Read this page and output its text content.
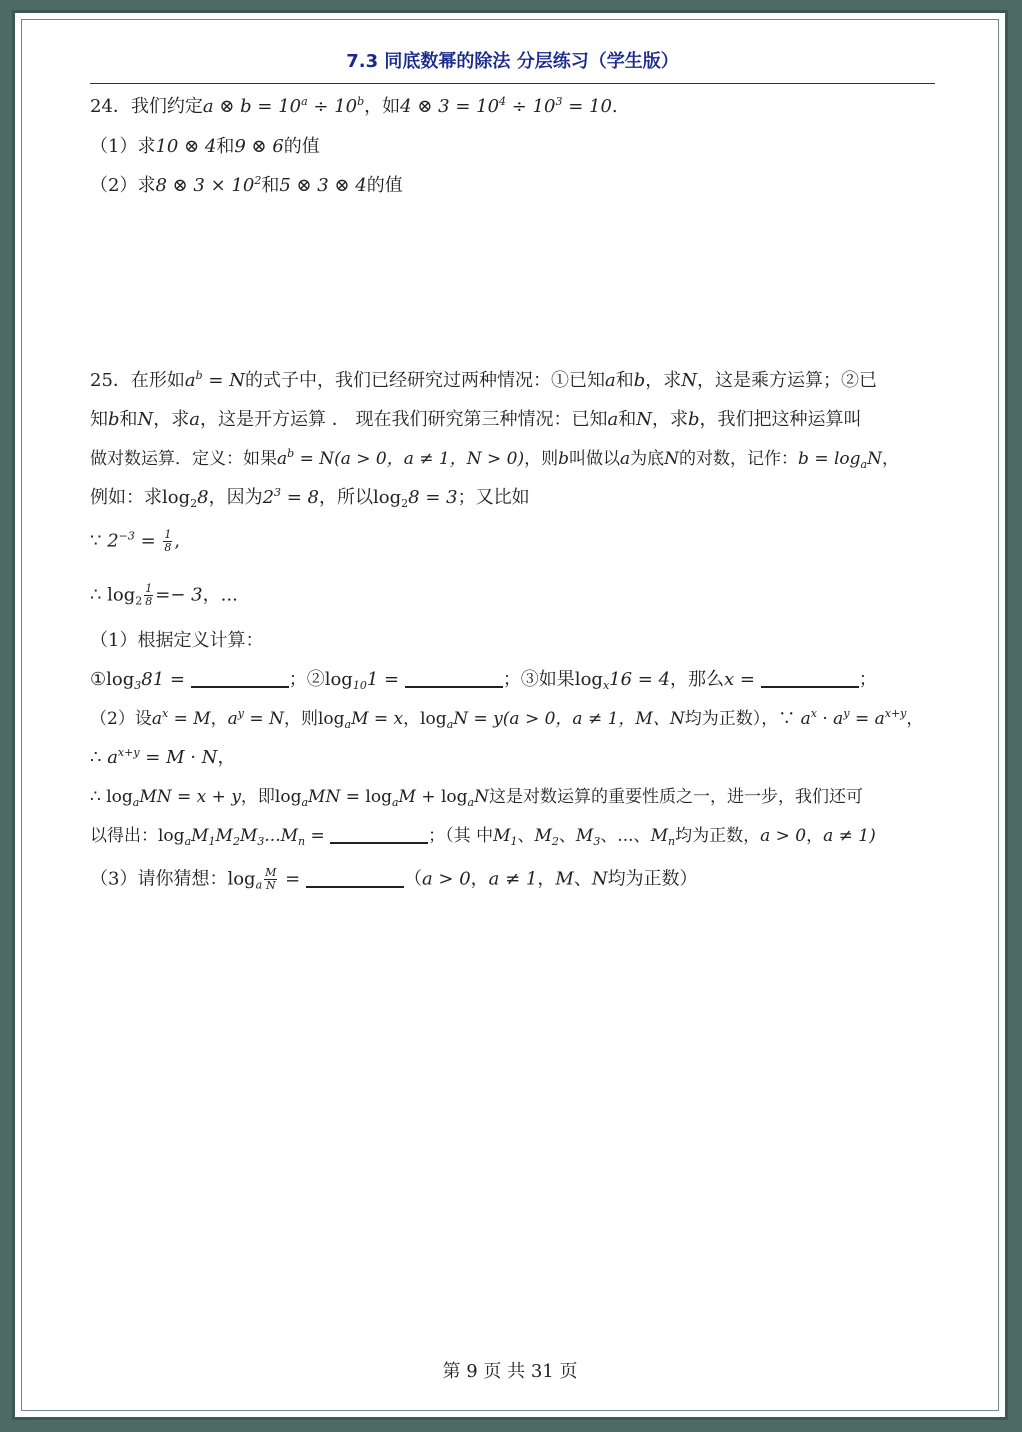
7.3 同底数幂的除法 分层练习（学生版）
24．我们约定a ⊗ $b = 10^a \div 10^b$，如4 ⊗ $3 = 10^4 \div 10^3 = 10$.
（1）求10 ⊗ 4和9 ⊗ 6的值
（2）求8 ⊗ $3 \times 10^2$和5 ⊗ 3 ⊗ 4的值
25．在形如$a^b = N$的式子中，我们已经研究过两种情况：①已知a和b，求N，这是乘方运算；②已
知b和N，求a，这是开方运算 ． 现在我们研究第三种情况：已知a和N，求b，我们把这种运算叫
做对数运算．定义：如果$a^b = N(a > 0$，a ≠ 1，N > 0)，则b叫做以a为底N的对数，记作：$b = \log_aN$，
例如：求$\log_28$，因为$2^3 = 8$，所以$\log_28 = 3$；又比如
∵ $2^{-3} = \frac{1}{8}$ ,
∴ $\log_2 \frac{1}{8} =- 3$，...
（1）根据定义计算：
$①\log_381$ =	；$②\log_{10}1$ =	；③如果$\log_x16 = 4$，那么x =	；
（2）设$a^x = M$，$a^y = N$，则$\log_aM = x$，$\log_aN = y(a > 0$，a ≠ 1，M、N均为正数），∵ $a^x \cdot a^y = a^{x+y}$，
∴ $a^{x+y} = M \cdot N$，
∴ $\log_aMN = x + y$，即$\log_aMN = \log_aM + \log_aN$这是对数运算的重要性质之一，进一步，我们还可
以得出：$\log_aM_1M_2M_3...M_n$ =	；（其 中$M_1$、$M_2$、$M_3$、...、$M_n$均为正数，a > 0，a ≠ 1)
（3）请你猜想：$\log_a \frac{M}{N}$ =	（a > 0，a ≠ 1，M、N均为正数）
第 9 页 共 31 页
